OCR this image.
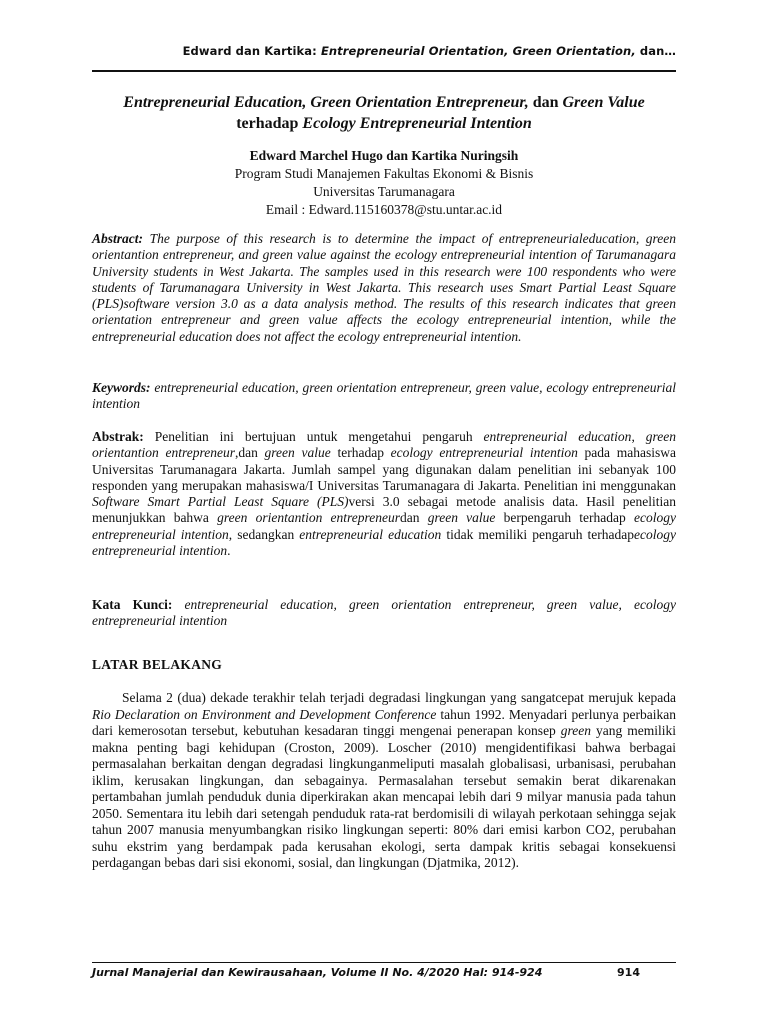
Edward dan Kartika: Entrepreneurial Orientation, Green Orientation, dan…
Entrepreneurial Education, Green Orientation Entrepreneur, dan Green Value terhadap Ecology Entrepreneurial Intention
Edward Marchel Hugo dan Kartika Nuringsih
Program Studi Manajemen Fakultas Ekonomi & Bisnis
Universitas Tarumanagara
Email : Edward.115160378@stu.untar.ac.id
Abstract: The purpose of this research is to determine the impact of entrepreneurialeducation, green orientantion entrepreneur, and green value against the ecology entrepreneurial intention of Tarumanagara University students in West Jakarta. The samples used in this research were 100 respondents who were students of Tarumanagara University in West Jakarta. This research uses Smart Partial Least Square (PLS)software version 3.0 as a data analysis method. The results of this research indicates that green orientation entrepreneur and green value affects the ecology entrepreneurial intention, while the entrepreneurial education does not affect the ecology entrepreneurial intention.
Keywords: entrepreneurial education, green orientation entrepreneur, green value, ecology entrepreneurial intention
Abstrak: Penelitian ini bertujuan untuk mengetahui pengaruh entrepreneurial education, green orientantion entrepreneur,dan green value terhadap ecology entrepreneurial intention pada mahasiswa Universitas Tarumanagara Jakarta. Jumlah sampel yang digunakan dalam penelitian ini sebanyak 100 responden yang merupakan mahasiswa/I Universitas Tarumanagara di Jakarta. Penelitian ini menggunakan Software Smart Partial Least Square (PLS)versi 3.0 sebagai metode analisis data. Hasil penelitian menunjukkan bahwa green orientantion entrepreneurdan green value berpengaruh terhadap ecology entrepreneurial intention, sedangkan entrepreneurial education tidak memiliki pengaruh terhadapecology entrepreneurial intention.
Kata Kunci: entrepreneurial education, green orientation entrepreneur, green value, ecology entrepreneurial intention
LATAR BELAKANG
Selama 2 (dua) dekade terakhir telah terjadi degradasi lingkungan yang sangatcepat merujuk kepada Rio Declaration on Environment and Development Conference tahun 1992. Menyadari perlunya perbaikan dari kemerosotan tersebut, kebutuhan kesadaran tinggi mengenai penerapan konsep green yang memiliki makna penting bagi kehidupan (Croston, 2009). Loscher (2010) mengidentifikasi bahwa berbagai permasalahan berkaitan dengan degradasi lingkunganmeliputi masalah globalisasi, urbanisasi, perubahan iklim, kerusakan lingkungan, dan sebagainya. Permasalahan tersebut semakin berat dikarenakan pertambahan jumlah penduduk dunia diperkirakan akan mencapai lebih dari 9 milyar manusia pada tahun 2050. Sementara itu lebih dari setengah penduduk rata-rat berdomisili di wilayah perkotaan sehingga sejak tahun 2007 manusia menyumbangkan risiko lingkungan seperti: 80% dari emisi karbon CO2, perubahan suhu ekstrim yang berdampak pada kerusahan ekologi, serta dampak kritis sebagai konsekuensi perdagangan bebas dari sisi ekonomi, sosial, dan lingkungan (Djatmika, 2012).
Jurnal Manajerial dan Kewirausahaan, Volume II No. 4/2020 Hal: 914-924	914
